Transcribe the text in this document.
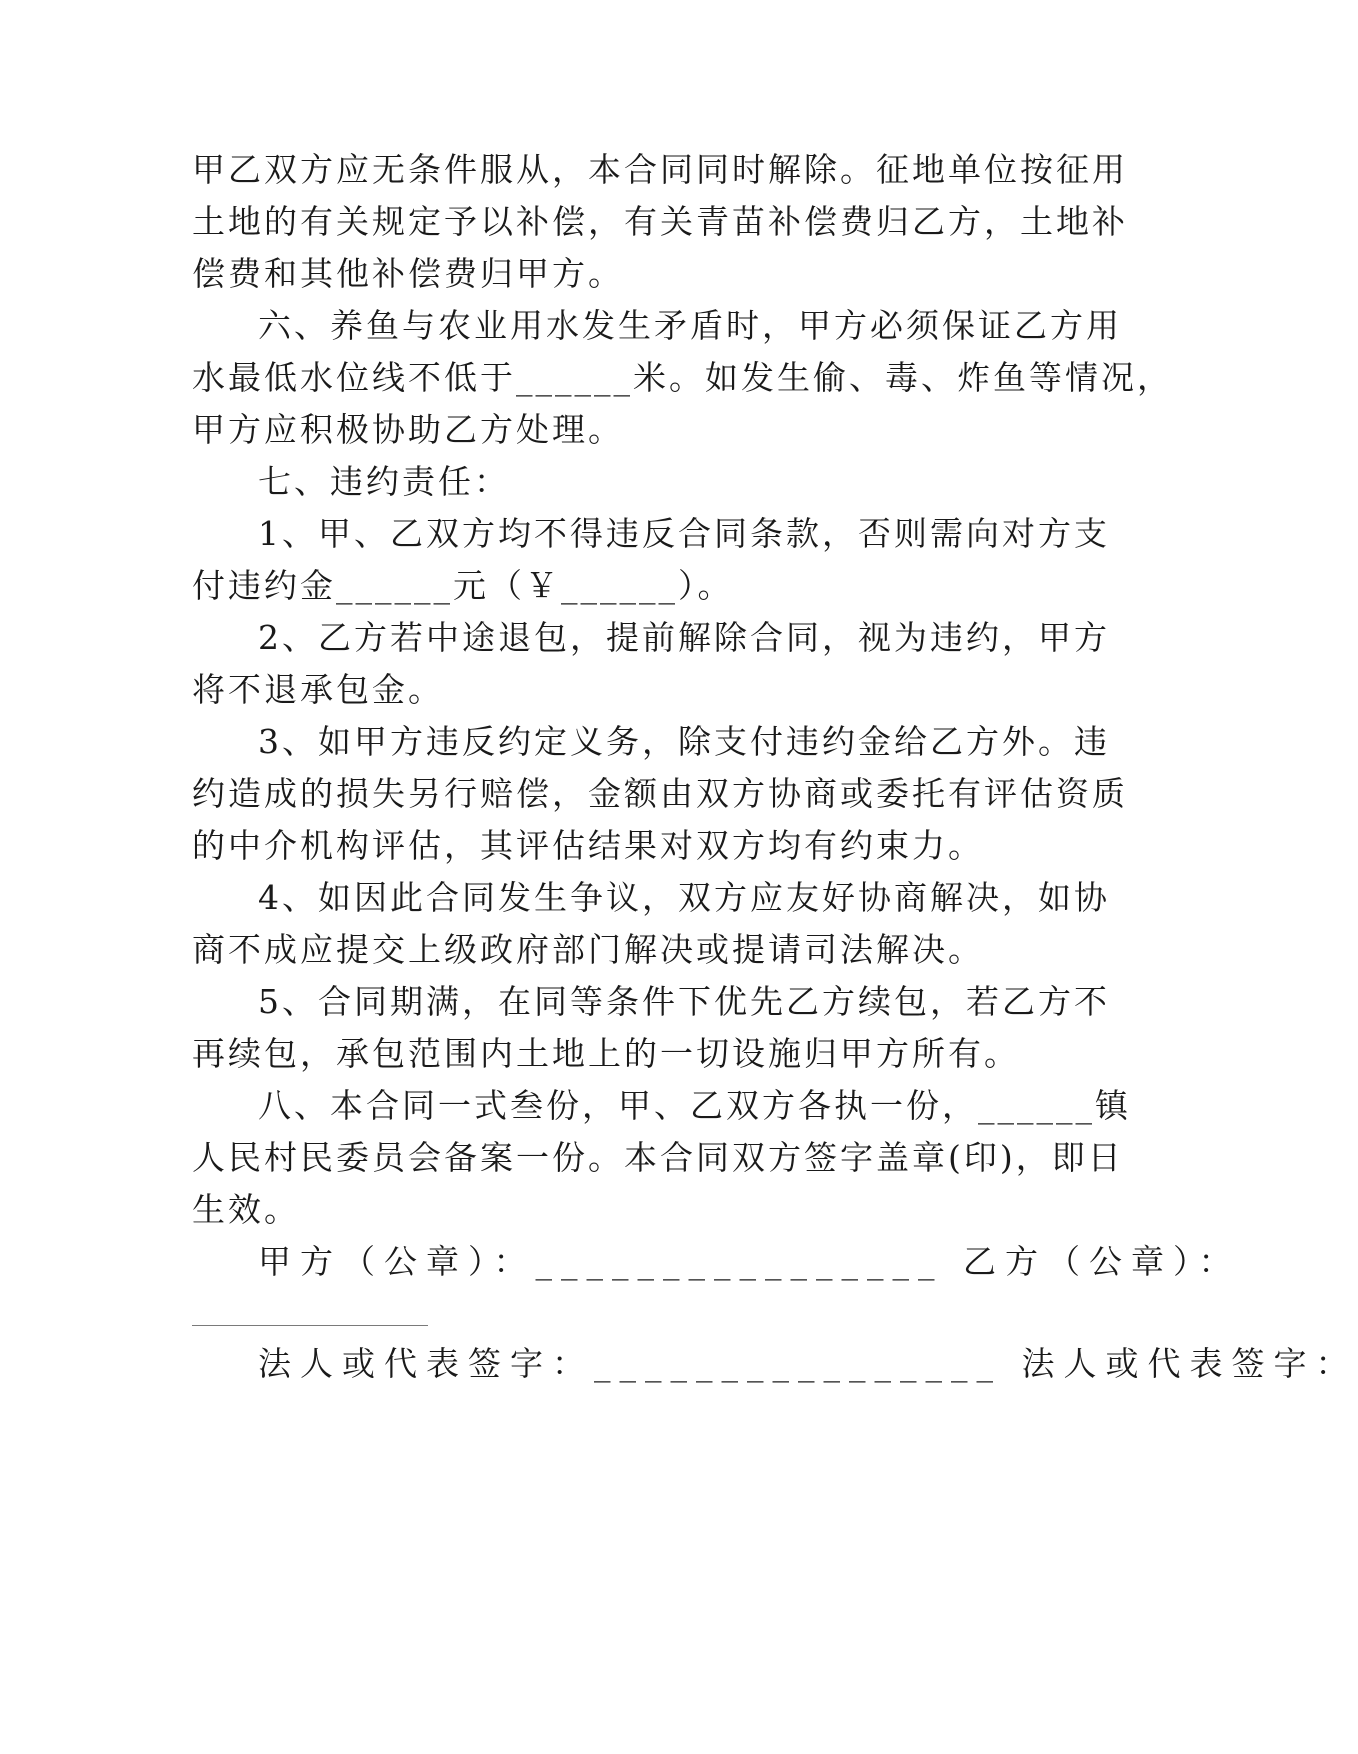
甲乙双方应无条件服从，本合同同时解除。征地单位按征用
土地的有关规定予以补偿，有关青苗补偿费归乙方，土地补
偿费和其他补偿费归甲方。
六、养鱼与农业用水发生矛盾时，甲方必须保证乙方用
水最低水位线不低于______米。如发生偷、毒、炸鱼等情况，
甲方应积极协助乙方处理。
七、违约责任：
1、甲、乙双方均不得违反合同条款，否则需向对方支
付违约金______元（￥______）。
2、乙方若中途退包，提前解除合同，视为违约，甲方
将不退承包金。
3、如甲方违反约定义务，除支付违约金给乙方外。违
约造成的损失另行赔偿，金额由双方协商或委托有评估资质
的中介机构评估，其评估结果对双方均有约束力。
4、如因此合同发生争议，双方应友好协商解决，如协
商不成应提交上级政府部门解决或提请司法解决。
5、合同期满，在同等条件下优先乙方续包，若乙方不
再续包，承包范围内土地上的一切设施归甲方所有。
八、本合同一式叁份，甲、乙双方各执一份，______镇
人民村民委员会备案一份。本合同双方签字盖章(印)，即日
生效。
甲方（公章）：________________ 乙方（公章）：
法人或代表签字：________________ 法人或代表签字：
